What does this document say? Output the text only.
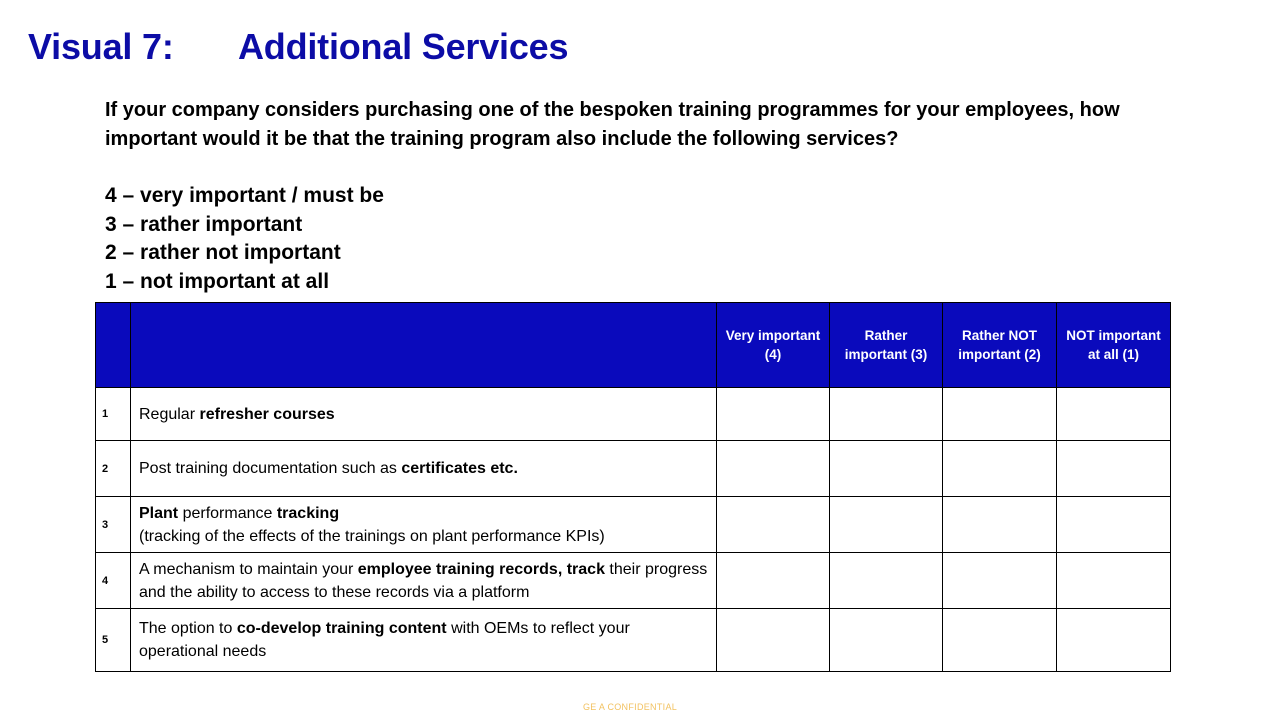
Visual 7: Additional Services
If your company considers purchasing one of the bespoken training programmes for your employees, how important would it be that the training program also include the following services?
4 – very important / must be
3 – rather important
2 – rather not important
1 – not important at all
		Very important (4)	Rather important (3)	Rather NOT important (2)	NOT important at all (1)
1	Regular refresher courses				
2	Post training documentation such as certificates etc.				
3	Plant performance tracking
(tracking of the effects of the trainings on plant performance KPIs)				
4	A mechanism to maintain your employee training records, track their progress and the ability to access to these records via a platform				
5	The option to co-develop training content with OEMs to reflect your operational needs				
GE A CONFIDENTIAL
